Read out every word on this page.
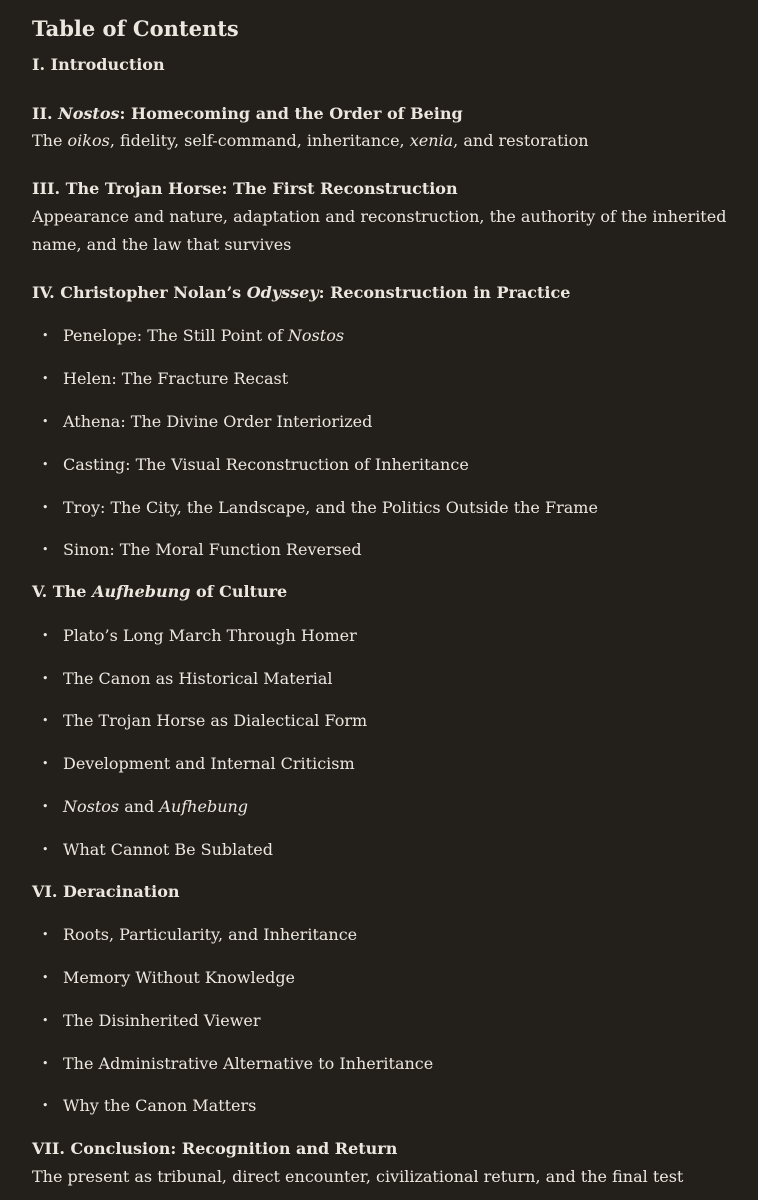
Table of Contents
I. Introduction
II. Nostos: Homecoming and the Order of Being
The oikos, fidelity, self-command, inheritance, xenia, and restoration
III. The Trojan Horse: The First Reconstruction
Appearance and nature, adaptation and reconstruction, the authority of the inherited name, and the law that survives
IV. Christopher Nolan’s Odyssey: Reconstruction in Practice
• Penelope: The Still Point of Nostos
• Helen: The Fracture Recast
• Athena: The Divine Order Interiorized
• Casting: The Visual Reconstruction of Inheritance
• Troy: The City, the Landscape, and the Politics Outside the Frame
• Sinon: The Moral Function Reversed
V. The Aufhebung of Culture
• Plato’s Long March Through Homer
• The Canon as Historical Material
• The Trojan Horse as Dialectical Form
• Development and Internal Criticism
• Nostos and Aufhebung
• What Cannot Be Sublated
VI. Deracination
• Roots, Particularity, and Inheritance
• Memory Without Knowledge
• The Disinherited Viewer
• The Administrative Alternative to Inheritance
• Why the Canon Matters
VII. Conclusion: Recognition and Return
The present as tribunal, direct encounter, civilizational return, and the final test
